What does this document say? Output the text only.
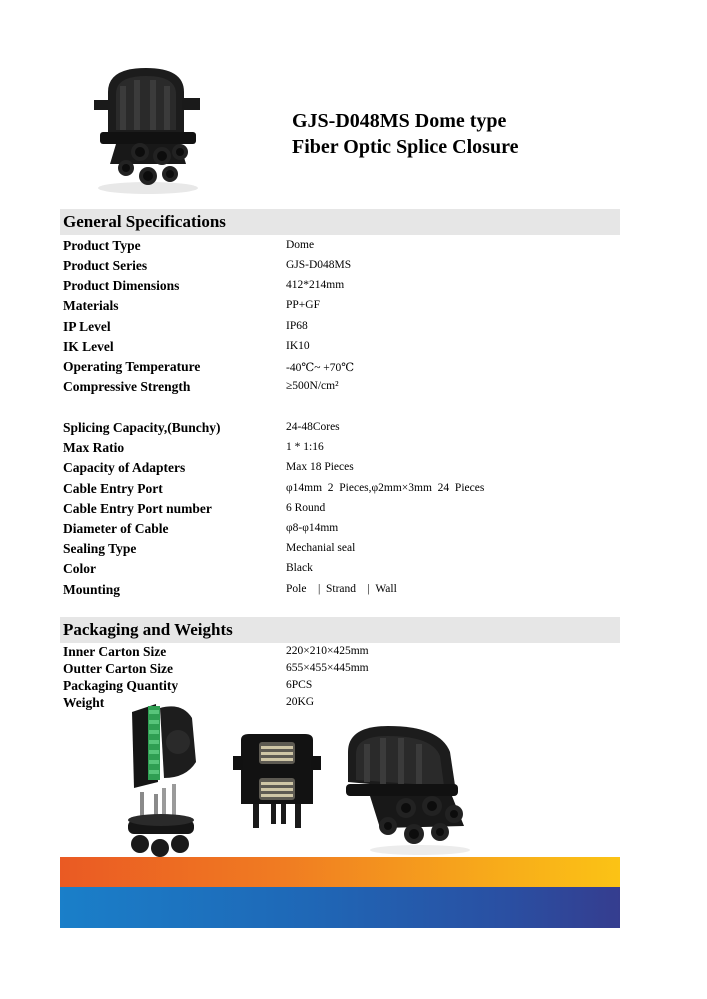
GJS-D048MS Dome type
Fiber Optic Splice Closure
General Specifications
Product Type	Dome
Product Series	GJS-D048MS
Product Dimensions	412*214mm
Materials	PP+GF
IP Level	IP68
IK Level	IK10
Operating Temperature	-40℃~ +70℃
Compressive Strength	≥500N/cm²
Splicing Capacity,(Bunchy)	24-48Cores
Max Ratio	1 * 1:16
Capacity of Adapters	Max 18 Pieces
Cable Entry Port	φ14mm  2  Pieces,φ2mm×3mm  24  Pieces
Cable Entry Port number	6 Round
Diameter of Cable	φ8-φ14mm
Sealing Type	Mechanial seal
Color	Black
Mounting	Pole    |  Strand    |  Wall
Packaging and Weights
Inner Carton Size	220×210×425mm
Outter Carton Size	655×455×445mm
Packaging Quantity	6PCS
Weight	20KG
